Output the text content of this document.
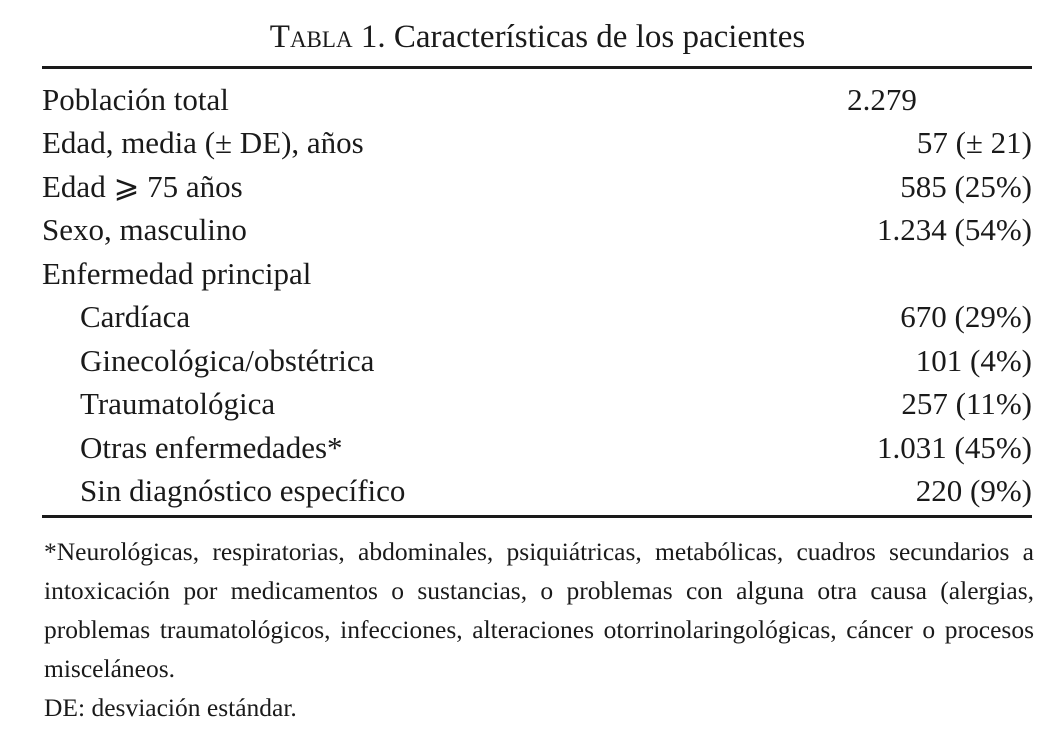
Tabla 1. Características de los pacientes
Población total	2.279
Edad, media (± DE), años	57 (± 21)
Edad ⩾ 75 años	585 (25%)
Sexo, masculino	1.234 (54%)
Enfermedad principal	
Cardíaca	670 (29%)
Ginecológica/obstétrica	101 (4%)
Traumatológica	257 (11%)
Otras enfermedades*	1.031 (45%)
Sin diagnóstico específico	220 (9%)

*Neurológicas, respiratorias, abdominales, psiquiátricas, metabólicas, cuadros secundarios a intoxicación por medicamentos o sustancias, o problemas con alguna otra causa (alergias, problemas traumatológicos, infecciones, alteraciones otorrinolaringológicas, cáncer o procesos misceláneos.

DE: desviación estándar.
